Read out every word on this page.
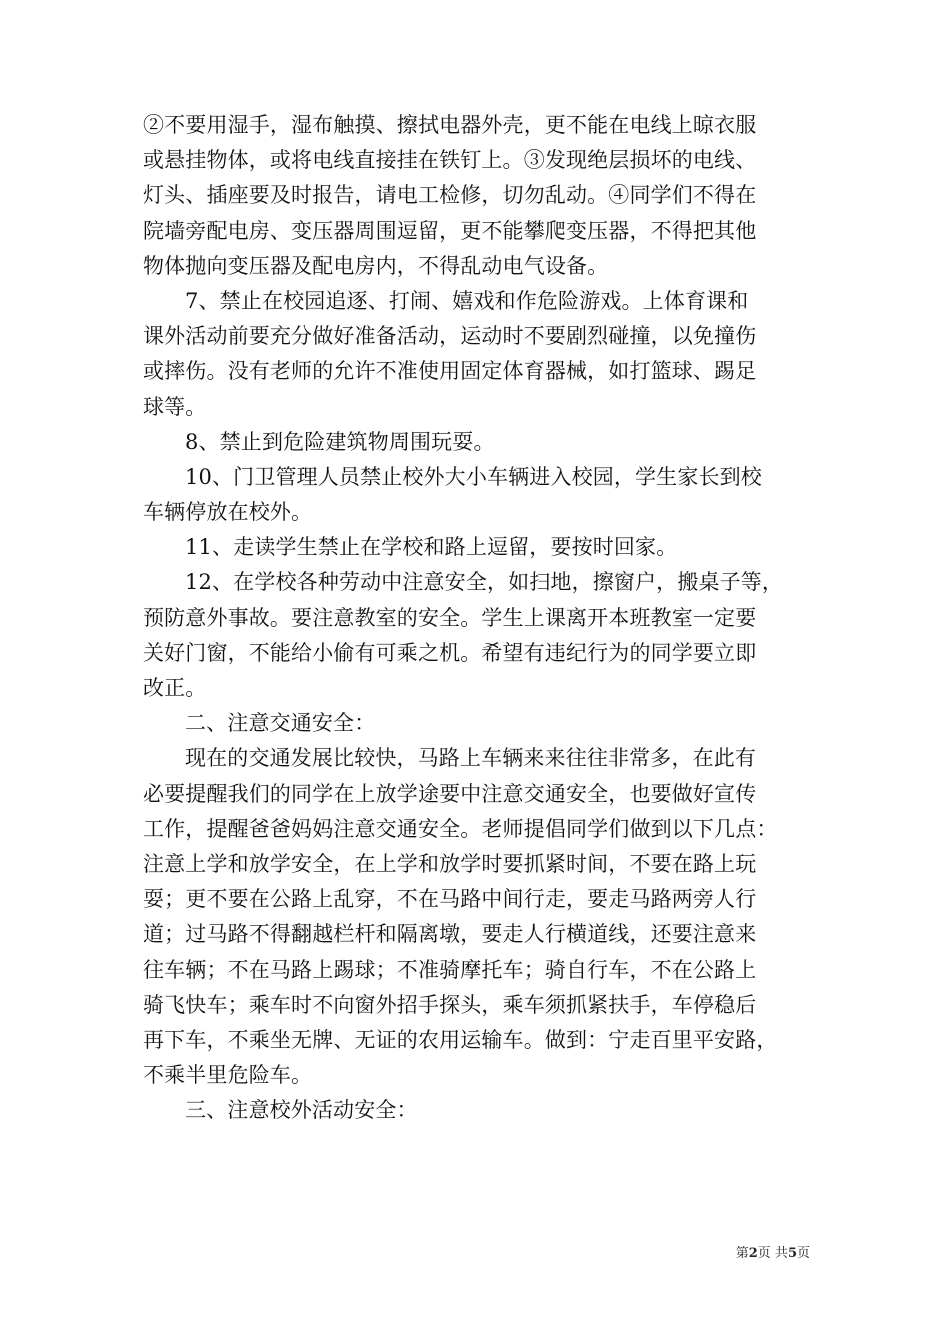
②不要用湿手，湿布触摸、擦拭电器外壳，更不能在电线上晾衣服
或悬挂物体，或将电线直接挂在铁钉上。③发现绝层损坏的电线、
灯头、插座要及时报告，请电工检修，切勿乱动。④同学们不得在
院墙旁配电房、变压器周围逗留，更不能攀爬变压器，不得把其他
物体抛向变压器及配电房内，不得乱动电气设备。
7、禁止在校园追逐、打闹、嬉戏和作危险游戏。上体育课和
课外活动前要充分做好准备活动，运动时不要剧烈碰撞，以免撞伤
或摔伤。没有老师的允许不准使用固定体育器械，如打篮球、踢足
球等。
8、禁止到危险建筑物周围玩耍。
10、门卫管理人员禁止校外大小车辆进入校园，学生家长到校
车辆停放在校外。
11、走读学生禁止在学校和路上逗留，要按时回家。
12、在学校各种劳动中注意安全，如扫地，擦窗户，搬桌子等，
预防意外事故。要注意教室的安全。学生上课离开本班教室一定要
关好门窗，不能给小偷有可乘之机。希望有违纪行为的同学要立即
改正。
二、注意交通安全：
现在的交通发展比较快，马路上车辆来来往往非常多，在此有
必要提醒我们的同学在上放学途要中注意交通安全，也要做好宣传
工作，提醒爸爸妈妈注意交通安全。老师提倡同学们做到以下几点：
注意上学和放学安全，在上学和放学时要抓紧时间，不要在路上玩
耍；更不要在公路上乱穿，不在马路中间行走，要走马路两旁人行
道；过马路不得翻越栏杆和隔离墩，要走人行横道线，还要注意来
往车辆；不在马路上踢球；不准骑摩托车；骑自行车，不在公路上
骑飞快车；乘车时不向窗外招手探头，乘车须抓紧扶手，车停稳后
再下车，不乘坐无牌、无证的农用运输车。做到：宁走百里平安路，
不乘半里危险车。
三、注意校外活动安全：
第2页 共5页
